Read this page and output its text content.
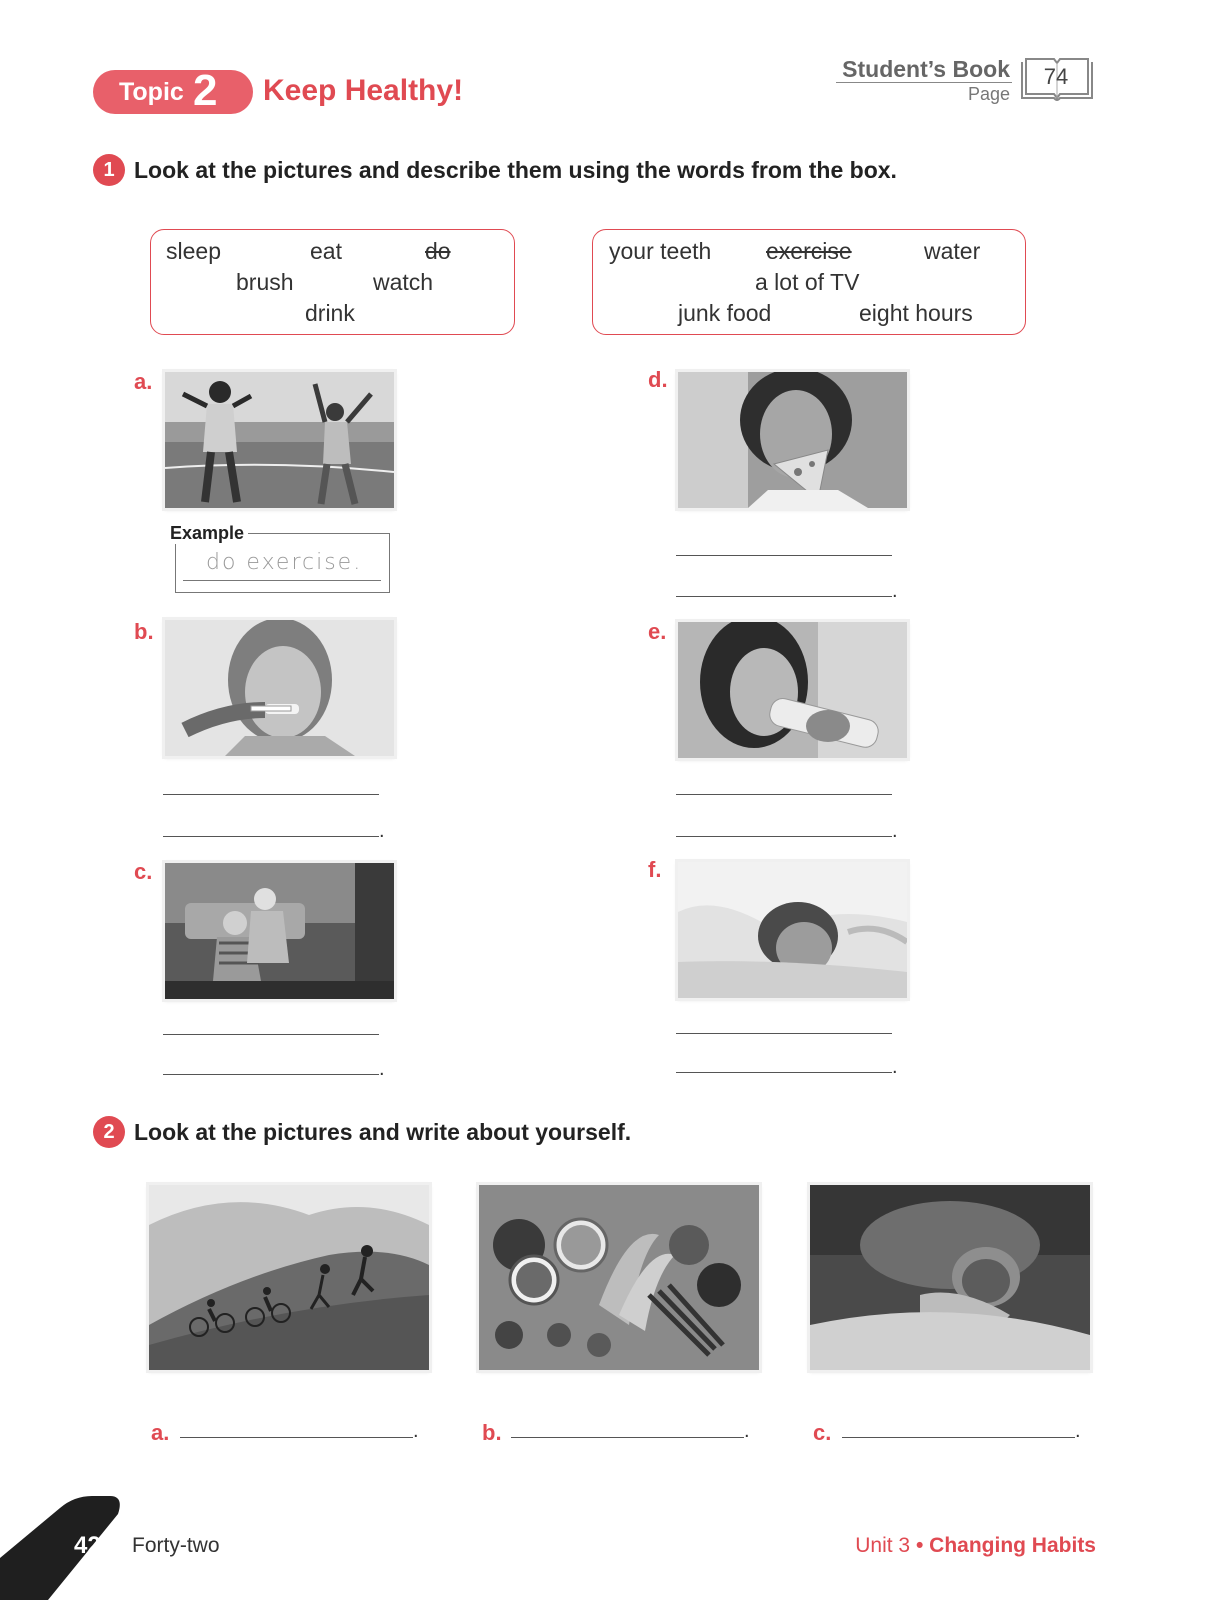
Topic 2 Keep Healthy!
Student’s Book
Page
74
1 Look at the pictures and describe them using the words from the box.
sleep	eat	do
brush	watch
drink
your teeth exercise	water
a lot of TV
junk food	eight hours
a.
Example
do exercise.
b.
.
c.
.
d.
.
e.
.
f.
.
2 Look at the pictures and write about yourself.
a.	.	b.	.	c.	.
42 Forty-two	Unit 3 • Changing Habits
